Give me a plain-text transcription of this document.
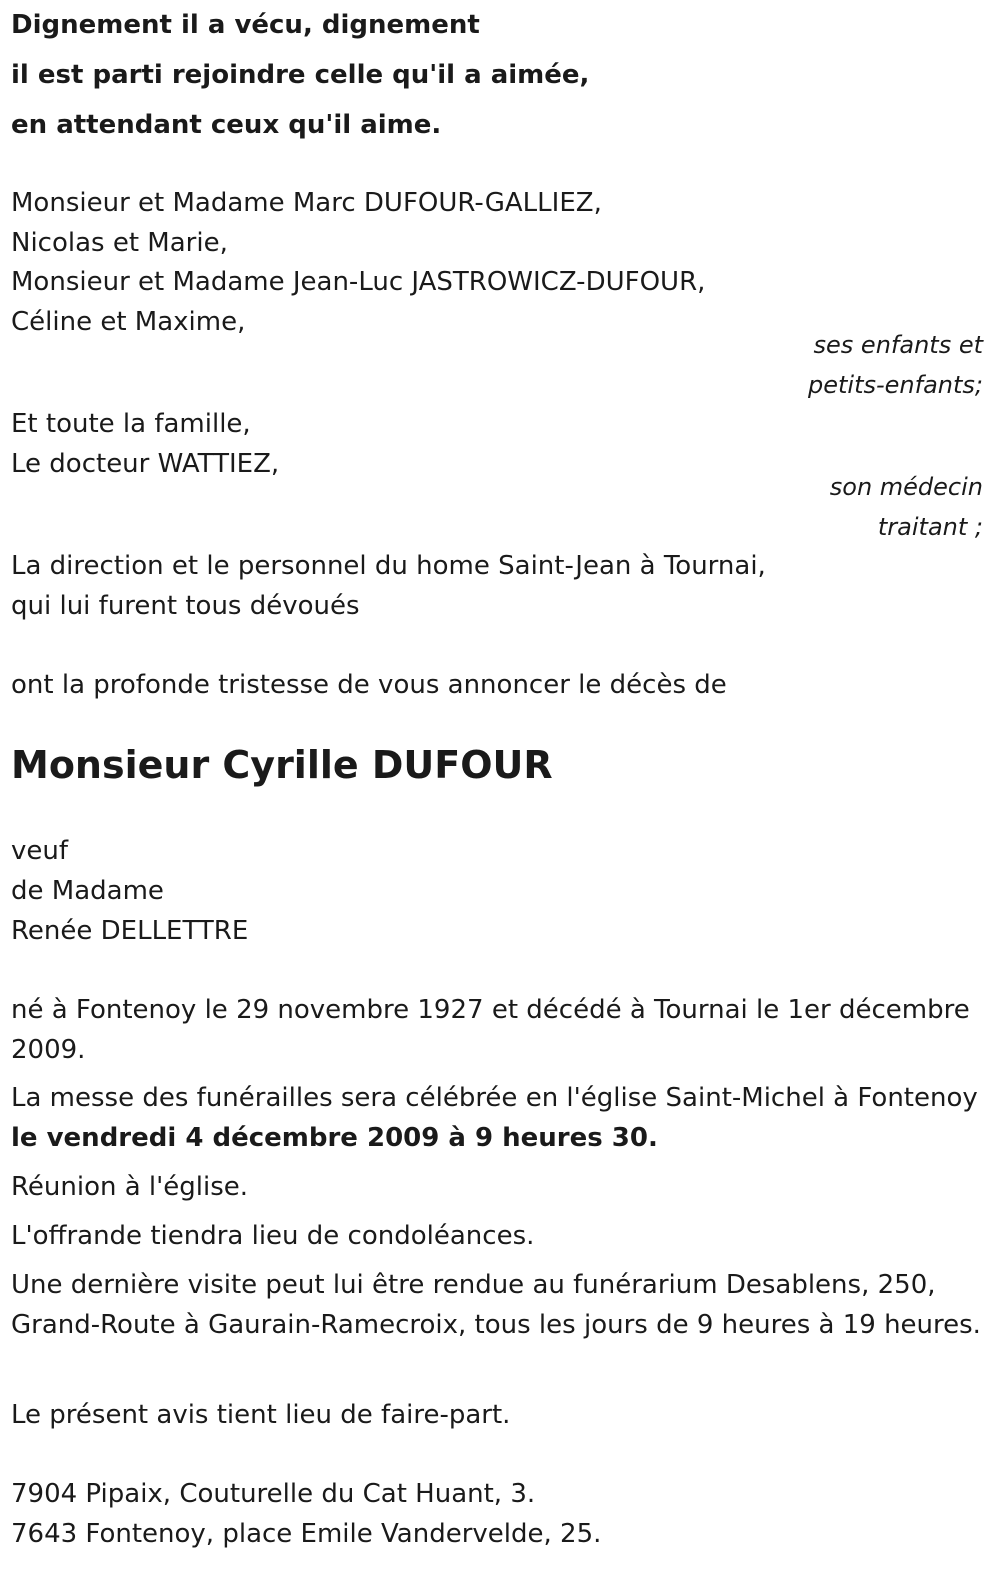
Dignement il a vécu, dignement
il est parti rejoindre celle qu'il a aimée,
en attendant ceux qu'il aime.
Monsieur et Madame Marc DUFOUR-GALLIEZ,
Nicolas et Marie,
Monsieur et Madame Jean-Luc JASTROWICZ-DUFOUR,
Céline et Maxime,
ses enfants et
petits-enfants;
Et toute la famille,
Le docteur WATTIEZ,
son médecin
traitant ;
La direction et le personnel du home Saint-Jean à Tournai,
qui lui furent tous dévoués
ont la profonde tristesse de vous annoncer le décès de
Monsieur Cyrille DUFOUR
veuf
de Madame
Renée DELLETTRE
né à Fontenoy le 29 novembre 1927 et décédé à Tournai le 1er décembre 2009.
La messe des funérailles sera célébrée en l'église Saint-Michel à Fontenoy le vendredi 4 décembre 2009 à 9 heures 30.
Réunion à l'église.
L'offrande tiendra lieu de condoléances.
Une dernière visite peut lui être rendue au funérarium Desablens, 250, Grand-Route à Gaurain-Ramecroix, tous les jours de 9 heures à 19 heures.
Le présent avis tient lieu de faire-part.
7904 Pipaix, Couturelle du Cat Huant, 3.
7643 Fontenoy, place Emile Vandervelde, 25.
